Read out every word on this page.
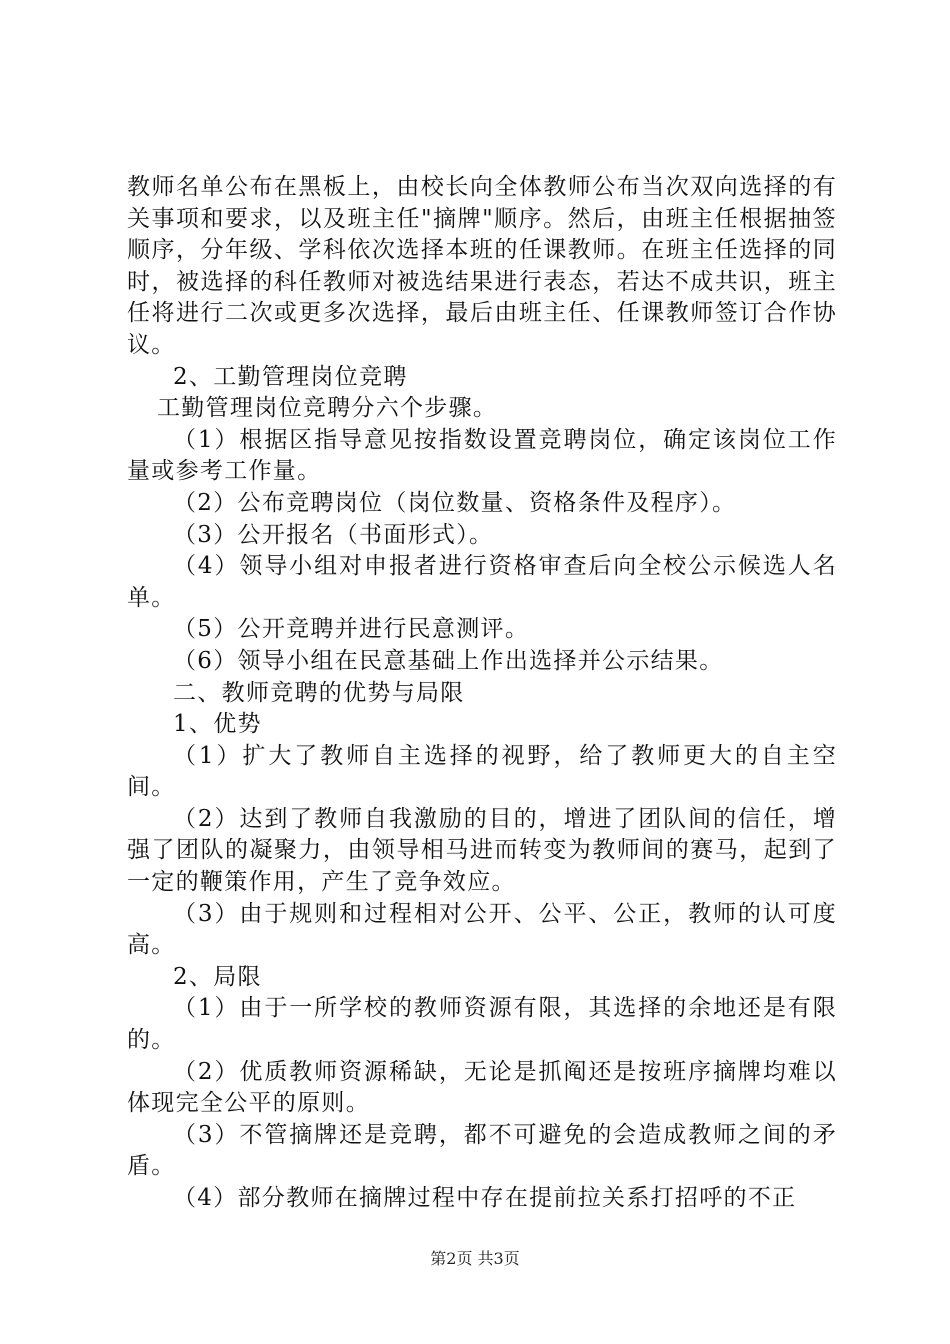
教师名单公布在黑板上，由校长向全体教师公布当次双向选择的有关事项和要求，以及班主任"摘牌"顺序。然后，由班主任根据抽签顺序，分年级、学科依次选择本班的任课教师。在班主任选择的同时，被选择的科任教师对被选结果进行表态，若达不成共识，班主任将进行二次或更多次选择，最后由班主任、任课教师签订合作协议。

2、工勤管理岗位竞聘

工勤管理岗位竞聘分六个步骤。

（1）根据区指导意见按指数设置竞聘岗位，确定该岗位工作量或参考工作量。

（2）公布竞聘岗位（岗位数量、资格条件及程序）。

（3）公开报名（书面形式）。

（4）领导小组对申报者进行资格审查后向全校公示候选人名单。

（5）公开竞聘并进行民意测评。

（6）领导小组在民意基础上作出选择并公示结果。

二、教师竞聘的优势与局限

1、优势

（1）扩大了教师自主选择的视野，给了教师更大的自主空间。

（2）达到了教师自我激励的目的，增进了团队间的信任，增强了团队的凝聚力，由领导相马进而转变为教师间的赛马，起到了一定的鞭策作用，产生了竞争效应。

（3）由于规则和过程相对公开、公平、公正，教师的认可度高。

2、局限

（1）由于一所学校的教师资源有限，其选择的余地还是有限的。

（2）优质教师资源稀缺，无论是抓阄还是按班序摘牌均难以体现完全公平的原则。

（3）不管摘牌还是竞聘，都不可避免的会造成教师之间的矛盾。

（4）部分教师在摘牌过程中存在提前拉关系打招呼的不正

第2页 共3页
